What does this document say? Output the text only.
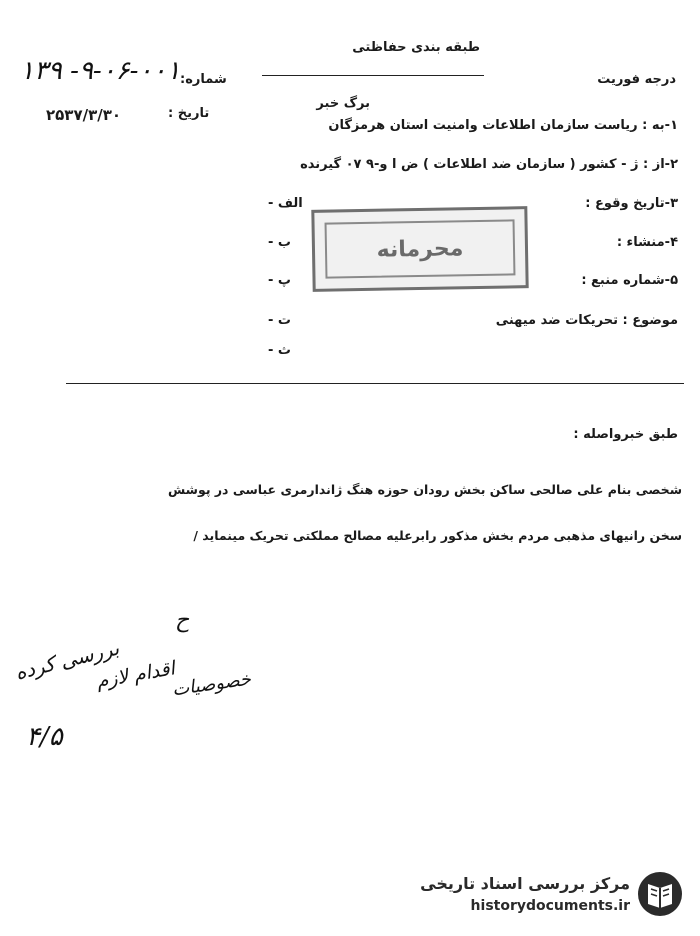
طبقه بندی حفاظتی
درجه فوریت
شماره:
۱۳۹ -۹-۰۶-۰۰۱
تاریخ :
۲۵۳۷/۳/۳۰
برگ خبر
۱-به : ریاست سازمان اطلاعات وامنیت استان هرمزگان
۲-از : ژ - کشور ( سازمان ضد اطلاعات ) ض ا و-۹ ۰۷ گیرنده
۳-تاریخ وقوع :
۴-منشاء :
۵-شماره منبع :
موضوع : تحریکات ضد میهنی
الف -
ب -
پ -
ت -
ث -
محرمانه
طبق خبرواصله :
شخصی بنام علی صالحی ساکن بخش رودان حوزه هنگ ژاندارمری عباسی در پوشش
سخن رانیهای مذهبی مردم بخش مذکور رابرعلیه مصالح مملکتی تحریک مینماید /
ح
بررسی کرده
اقدام لازم
خصوصیات
۴/۵
مرکز بررسی اسناد تاریخی
historydocuments.ir
